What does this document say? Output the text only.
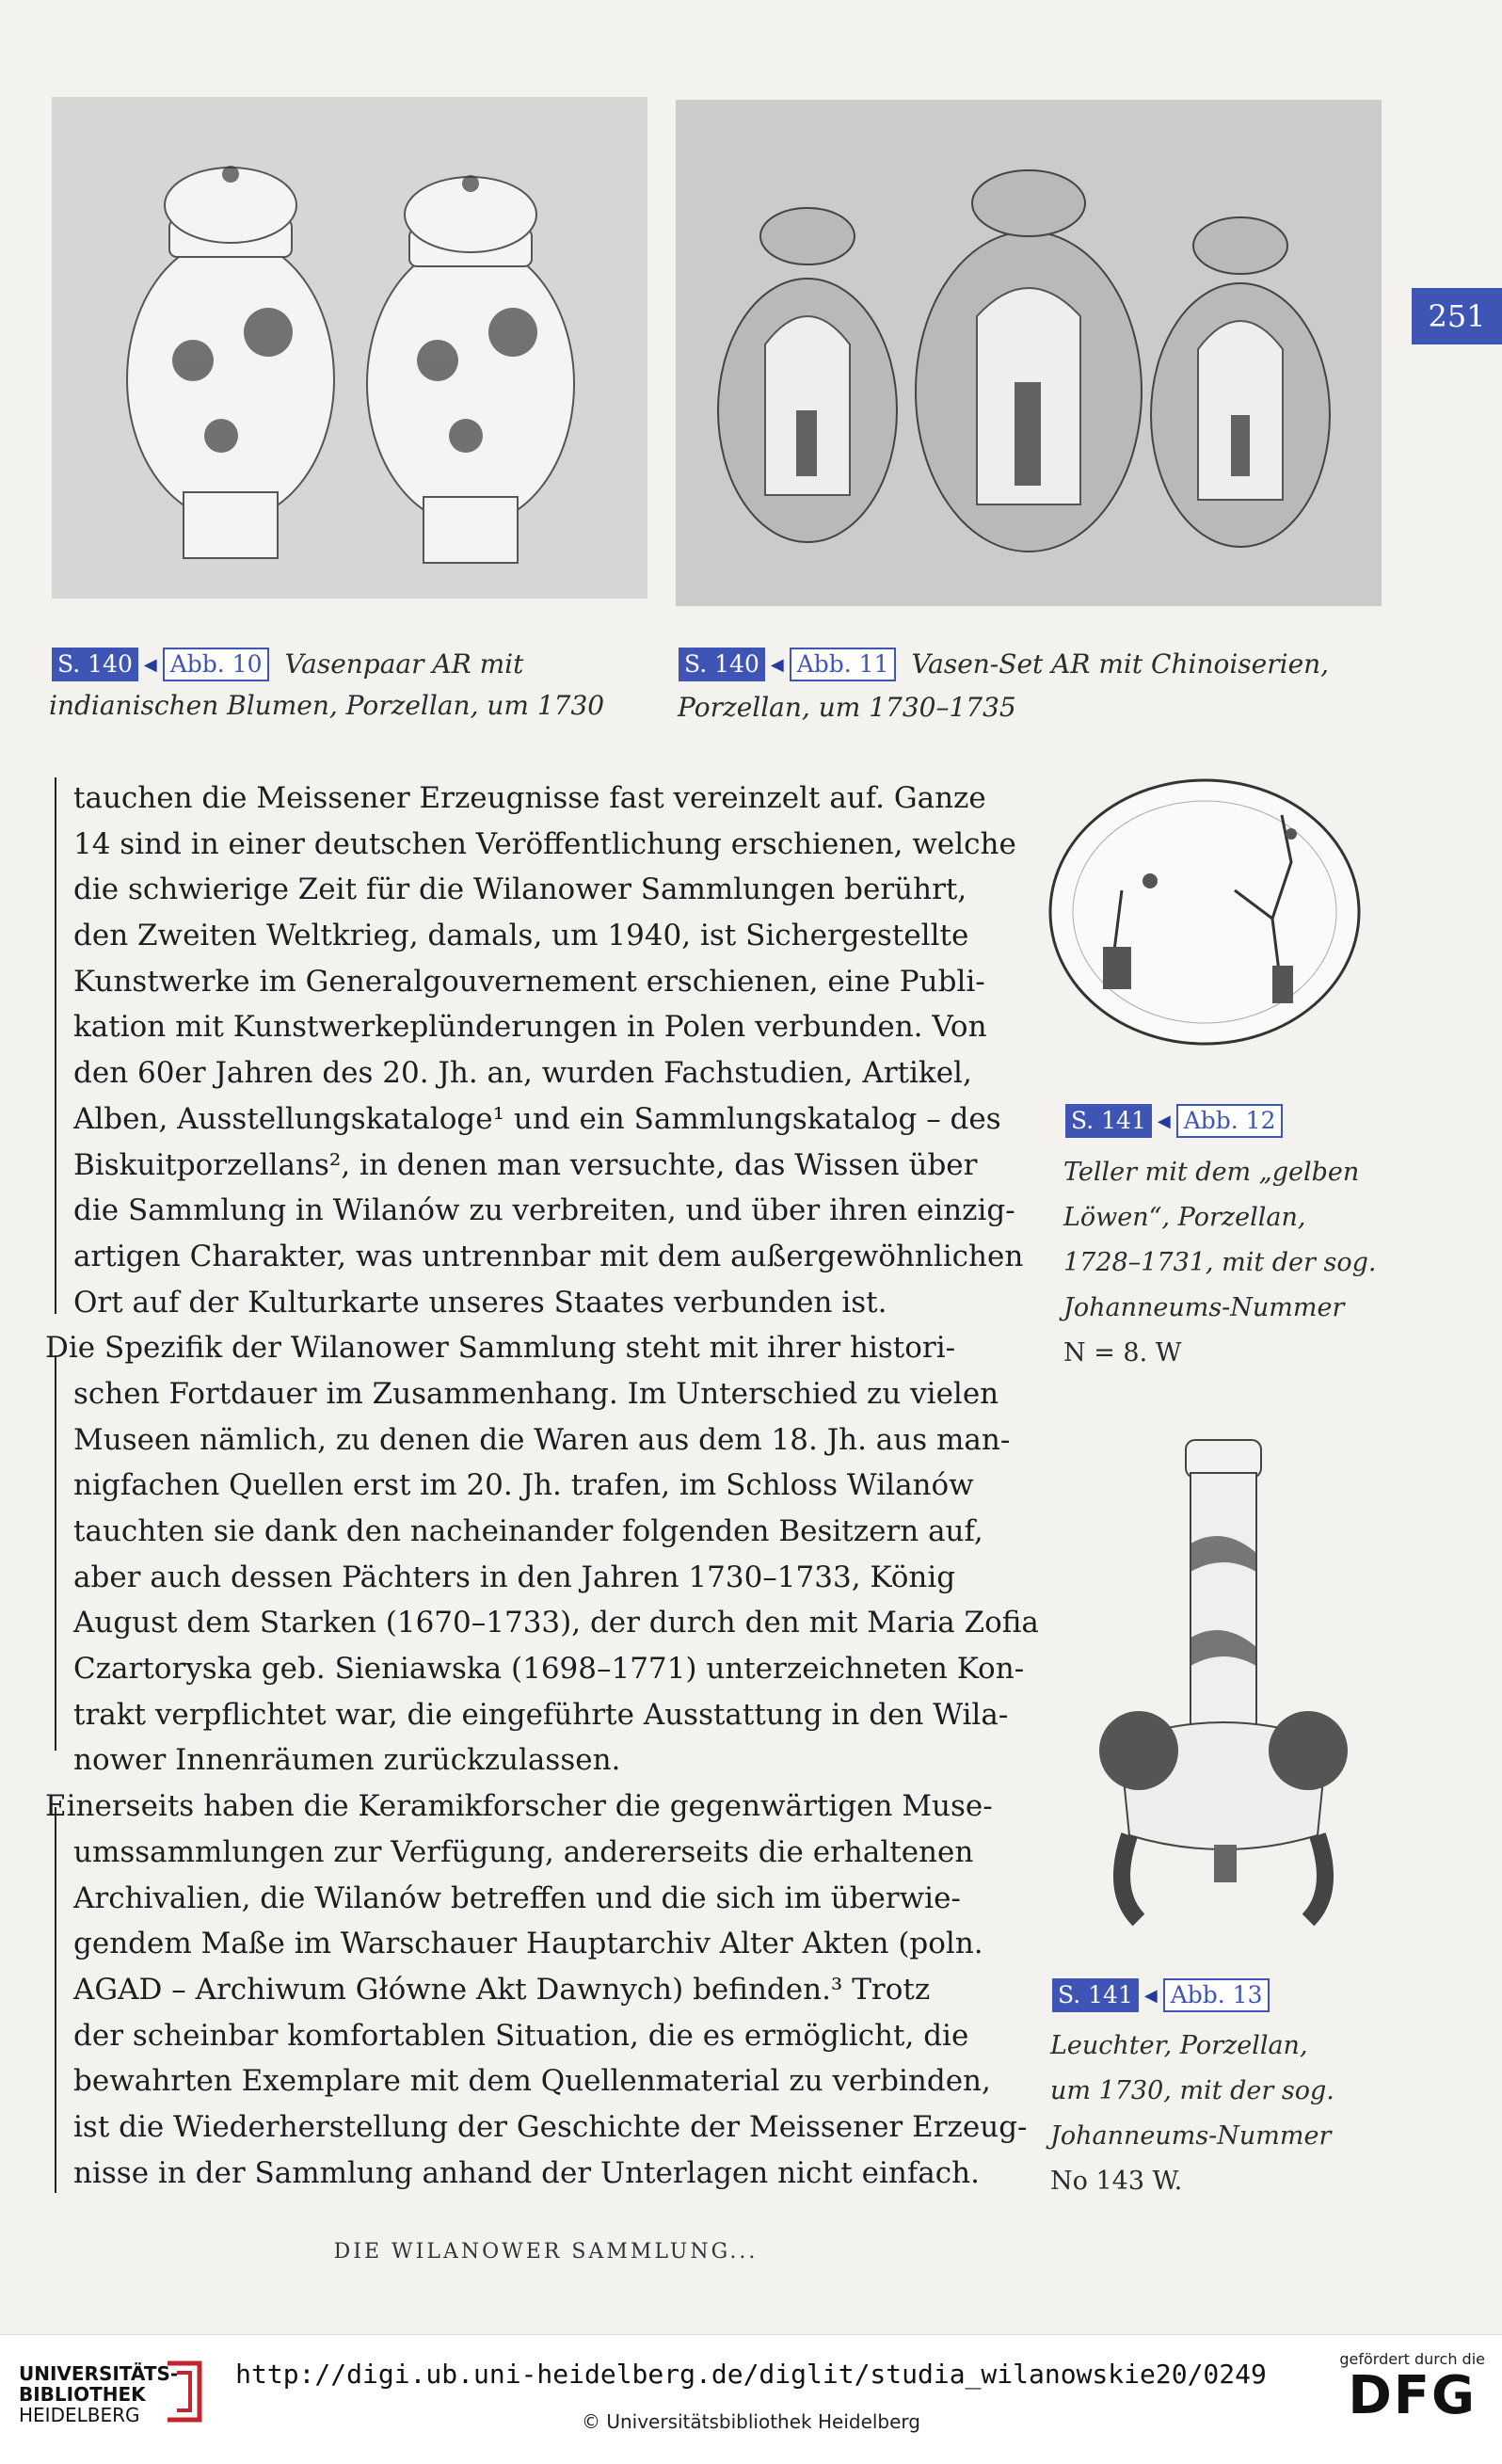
251
S. 140 ◀ Abb. 10 Vasenpaar AR mit
indianischen Blumen, Porzellan, um 1730
S. 140 ◀ Abb. 11 Vasen-Set AR mit Chinoiserien,
Porzellan, um 1730–1735
S. 141 ◀ Abb. 12
Teller mit dem „gelben
Löwen“, Porzellan,
1728–1731, mit der sog.
Johanneums-Nummer
N = 8. W
S. 141 ◀ Abb. 13
Leuchter, Porzellan,
um 1730, mit der sog.
Johanneums-Nummer
No 143 W.
tauchen die Meissener Erzeugnisse fast vereinzelt auf. Ganze
14 sind in einer deutschen Veröffentlichung erschienen, welche
die schwierige Zeit für die Wilanower Sammlungen berührt,
den Zweiten Weltkrieg, damals, um 1940, ist Sichergestellte
Kunstwerke im Generalgouvernement erschienen, eine Publi-
kation mit Kunstwerkeplünderungen in Polen verbunden. Von
den 60er Jahren des 20. Jh. an, wurden Fachstudien, Artikel,
Alben, Ausstellungskataloge¹ und ein Sammlungskatalog – des
Biskuitporzellans², in denen man versuchte, das Wissen über
die Sammlung in Wilanów zu verbreiten, und über ihren einzig-
artigen Charakter, was untrennbar mit dem außergewöhnlichen
Ort auf der Kulturkarte unseres Staates verbunden ist.
Die Spezifik der Wilanower Sammlung steht mit ihrer histori-
schen Fortdauer im Zusammenhang. Im Unterschied zu vielen
Museen nämlich, zu denen die Waren aus dem 18. Jh. aus man-
nigfachen Quellen erst im 20. Jh. trafen, im Schloss Wilanów
tauchten sie dank den nacheinander folgenden Besitzern auf,
aber auch dessen Pächters in den Jahren 1730–1733, König
August dem Starken (1670–1733), der durch den mit Maria Zofia
Czartoryska geb. Sieniawska (1698–1771) unterzeichneten Kon-
trakt verpflichtet war, die eingeführte Ausstattung in den Wila-
nower Innenräumen zurückzulassen.
Einerseits haben die Keramikforscher die gegenwärtigen Muse-
umssammlungen zur Verfügung, andererseits die erhaltenen
Archivalien, die Wilanów betreffen und die sich im überwie-
gendem Maße im Warschauer Hauptarchiv Alter Akten (poln.
AGAD – Archiwum Główne Akt Dawnych) befinden.³ Trotz
der scheinbar komfortablen Situation, die es ermöglicht, die
bewahrten Exemplare mit dem Quellenmaterial zu verbinden,
ist die Wiederherstellung der Geschichte der Meissener Erzeug-
nisse in der Sammlung anhand der Unterlagen nicht einfach.
DIE WILANOWER SAMMLUNG...
UNIVERSITÄTS-
BIBLIOTHEK
HEIDELBERG
http://digi.ub.uni-heidelberg.de/diglit/studia_wilanowskie20/0249
© Universitätsbibliothek Heidelberg
gefördert durch die
DFG
